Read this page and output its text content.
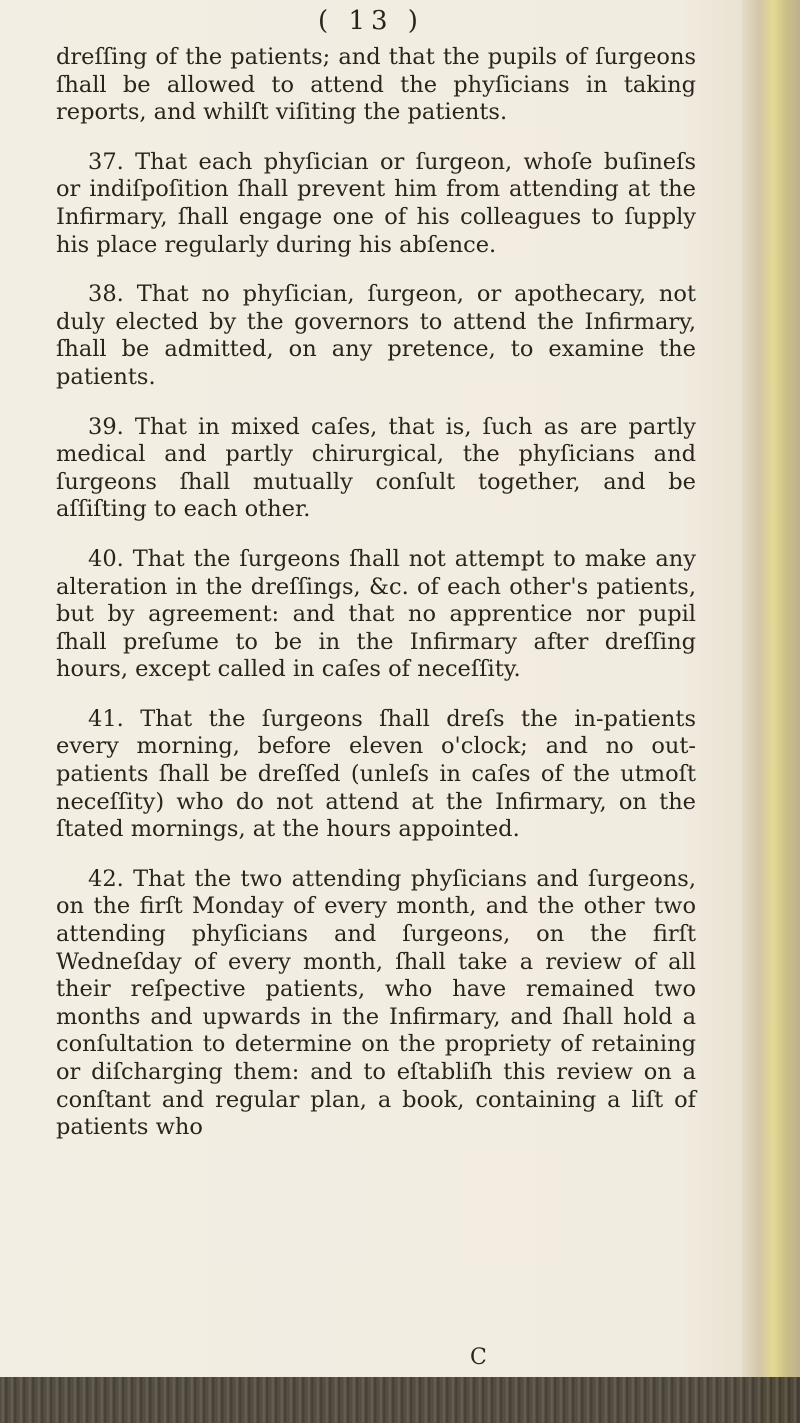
( 13 )

dreſſing of the patients; and that the pupils of ſurgeons ſhall be allowed to attend the phyſicians in taking reports, and whilſt viſiting the patients.

37. That each phyſician or ſurgeon, whoſe buſineſs or indiſpoſition ſhall prevent him from attending at the Infirmary, ſhall engage one of his colleagues to ſupply his place regularly during his abſence.

38. That no phyſician, ſurgeon, or apothecary, not duly elected by the governors to attend the Infirmary, ſhall be admitted, on any pretence, to examine the patients.

39. That in mixed caſes, that is, ſuch as are partly medical and partly chirurgical, the phyſicians and ſurgeons ſhall mutually conſult together, and be aſſiſting to each other.

40. That the ſurgeons ſhall not attempt to make any alteration in the dreſſings, &c. of each other's patients, but by agreement: and that no apprentice nor pupil ſhall preſume to be in the Infirmary after dreſſing hours, except called in caſes of neceſſity.

41. That the ſurgeons ſhall dreſs the in-patients every morning, before eleven o'clock; and no out-patients ſhall be dreſſed (unleſs in caſes of the utmoſt neceſſity) who do not attend at the Infirmary, on the ſtated mornings, at the hours appointed.

42. That the two attending phyſicians and ſurgeons, on the firſt Monday of every month, and the other two attending phyſicians and ſurgeons, on the firſt Wedneſday of every month, ſhall take a review of all their reſpective patients, who have remained two months and upwards in the Infirmary, and ſhall hold a conſultation to determine on the propriety of retaining or diſcharging them: and to eſtabliſh this review on a conſtant and regular plan, a book, containing a liſt of patients who

C
